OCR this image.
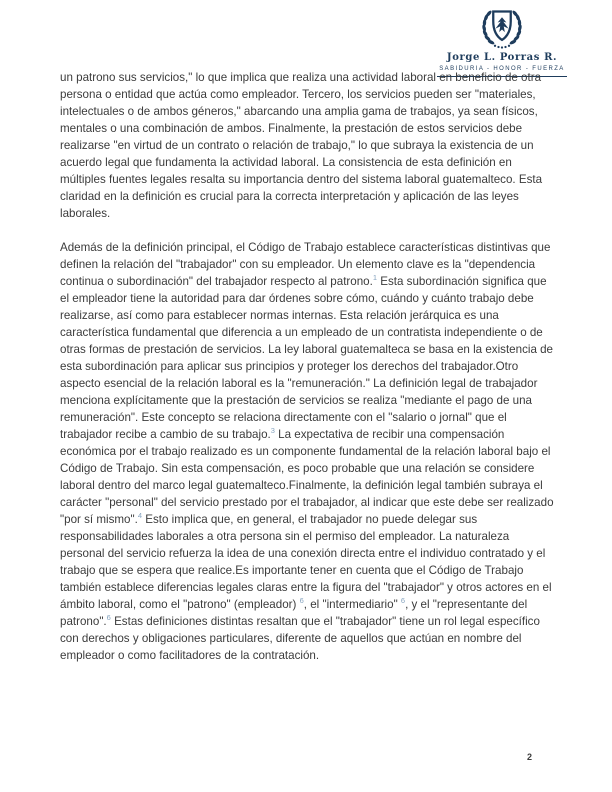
Jorge L. Porras R.
SABIDURIA - HONOR - FUERZA

un patrono sus servicios," lo que implica que realiza una actividad laboral en beneficio de otra persona o entidad que actúa como empleador. Tercero, los servicios pueden ser "materiales, intelectuales o de ambos géneros," abarcando una amplia gama de trabajos, ya sean físicos, mentales o una combinación de ambos. Finalmente, la prestación de estos servicios debe realizarse "en virtud de un contrato o relación de trabajo," lo que subraya la existencia de un acuerdo legal que fundamenta la actividad laboral. La consistencia de esta definición en múltiples fuentes legales resalta su importancia dentro del sistema laboral guatemalteco. Esta claridad en la definición es crucial para la correcta interpretación y aplicación de las leyes laborales.

Además de la definición principal, el Código de Trabajo establece características distintivas que definen la relación del "trabajador" con su empleador. Un elemento clave es la "dependencia continua o subordinación" del trabajador respecto al patrono.$^1$ Esta subordinación significa que el empleador tiene la autoridad para dar órdenes sobre cómo, cuándo y cuánto trabajo debe realizarse, así como para establecer normas internas. Esta relación jerárquica es una característica fundamental que diferencia a un empleado de un contratista independiente o de otras formas de prestación de servicios. La ley laboral guatemalteca se basa en la existencia de esta subordinación para aplicar sus principios y proteger los derechos del trabajador.Otro aspecto esencial de la relación laboral es la "remuneración." La definición legal de trabajador menciona explícitamente que la prestación de servicios se realiza "mediante el pago de una remuneración". Este concepto se relaciona directamente con el "salario o jornal" que el trabajador recibe a cambio de su trabajo.$^3$ La expectativa de recibir una compensación económica por el trabajo realizado es un componente fundamental de la relación laboral bajo el Código de Trabajo. Sin esta compensación, es poco probable que una relación se considere laboral dentro del marco legal guatemalteco.Finalmente, la definición legal también subraya el carácter "personal" del servicio prestado por el trabajador, al indicar que este debe ser realizado "por sí mismo".$^4$ Esto implica que, en general, el trabajador no puede delegar sus responsabilidades laborales a otra persona sin el permiso del empleador. La naturaleza personal del servicio refuerza la idea de una conexión directa entre el individuo contratado y el trabajo que se espera que realice.Es importante tener en cuenta que el Código de Trabajo también establece diferencias legales claras entre la figura del "trabajador" y otros actores en el ámbito laboral, como el "patrono" (empleador) $^6$, el "intermediario" $^6$, y el "representante del patrono".$^6$ Estas definiciones distintas resaltan que el "trabajador" tiene un rol legal específico con derechos y obligaciones particulares, diferente de aquellos que actúan en nombre del empleador o como facilitadores de la contratación.

2
